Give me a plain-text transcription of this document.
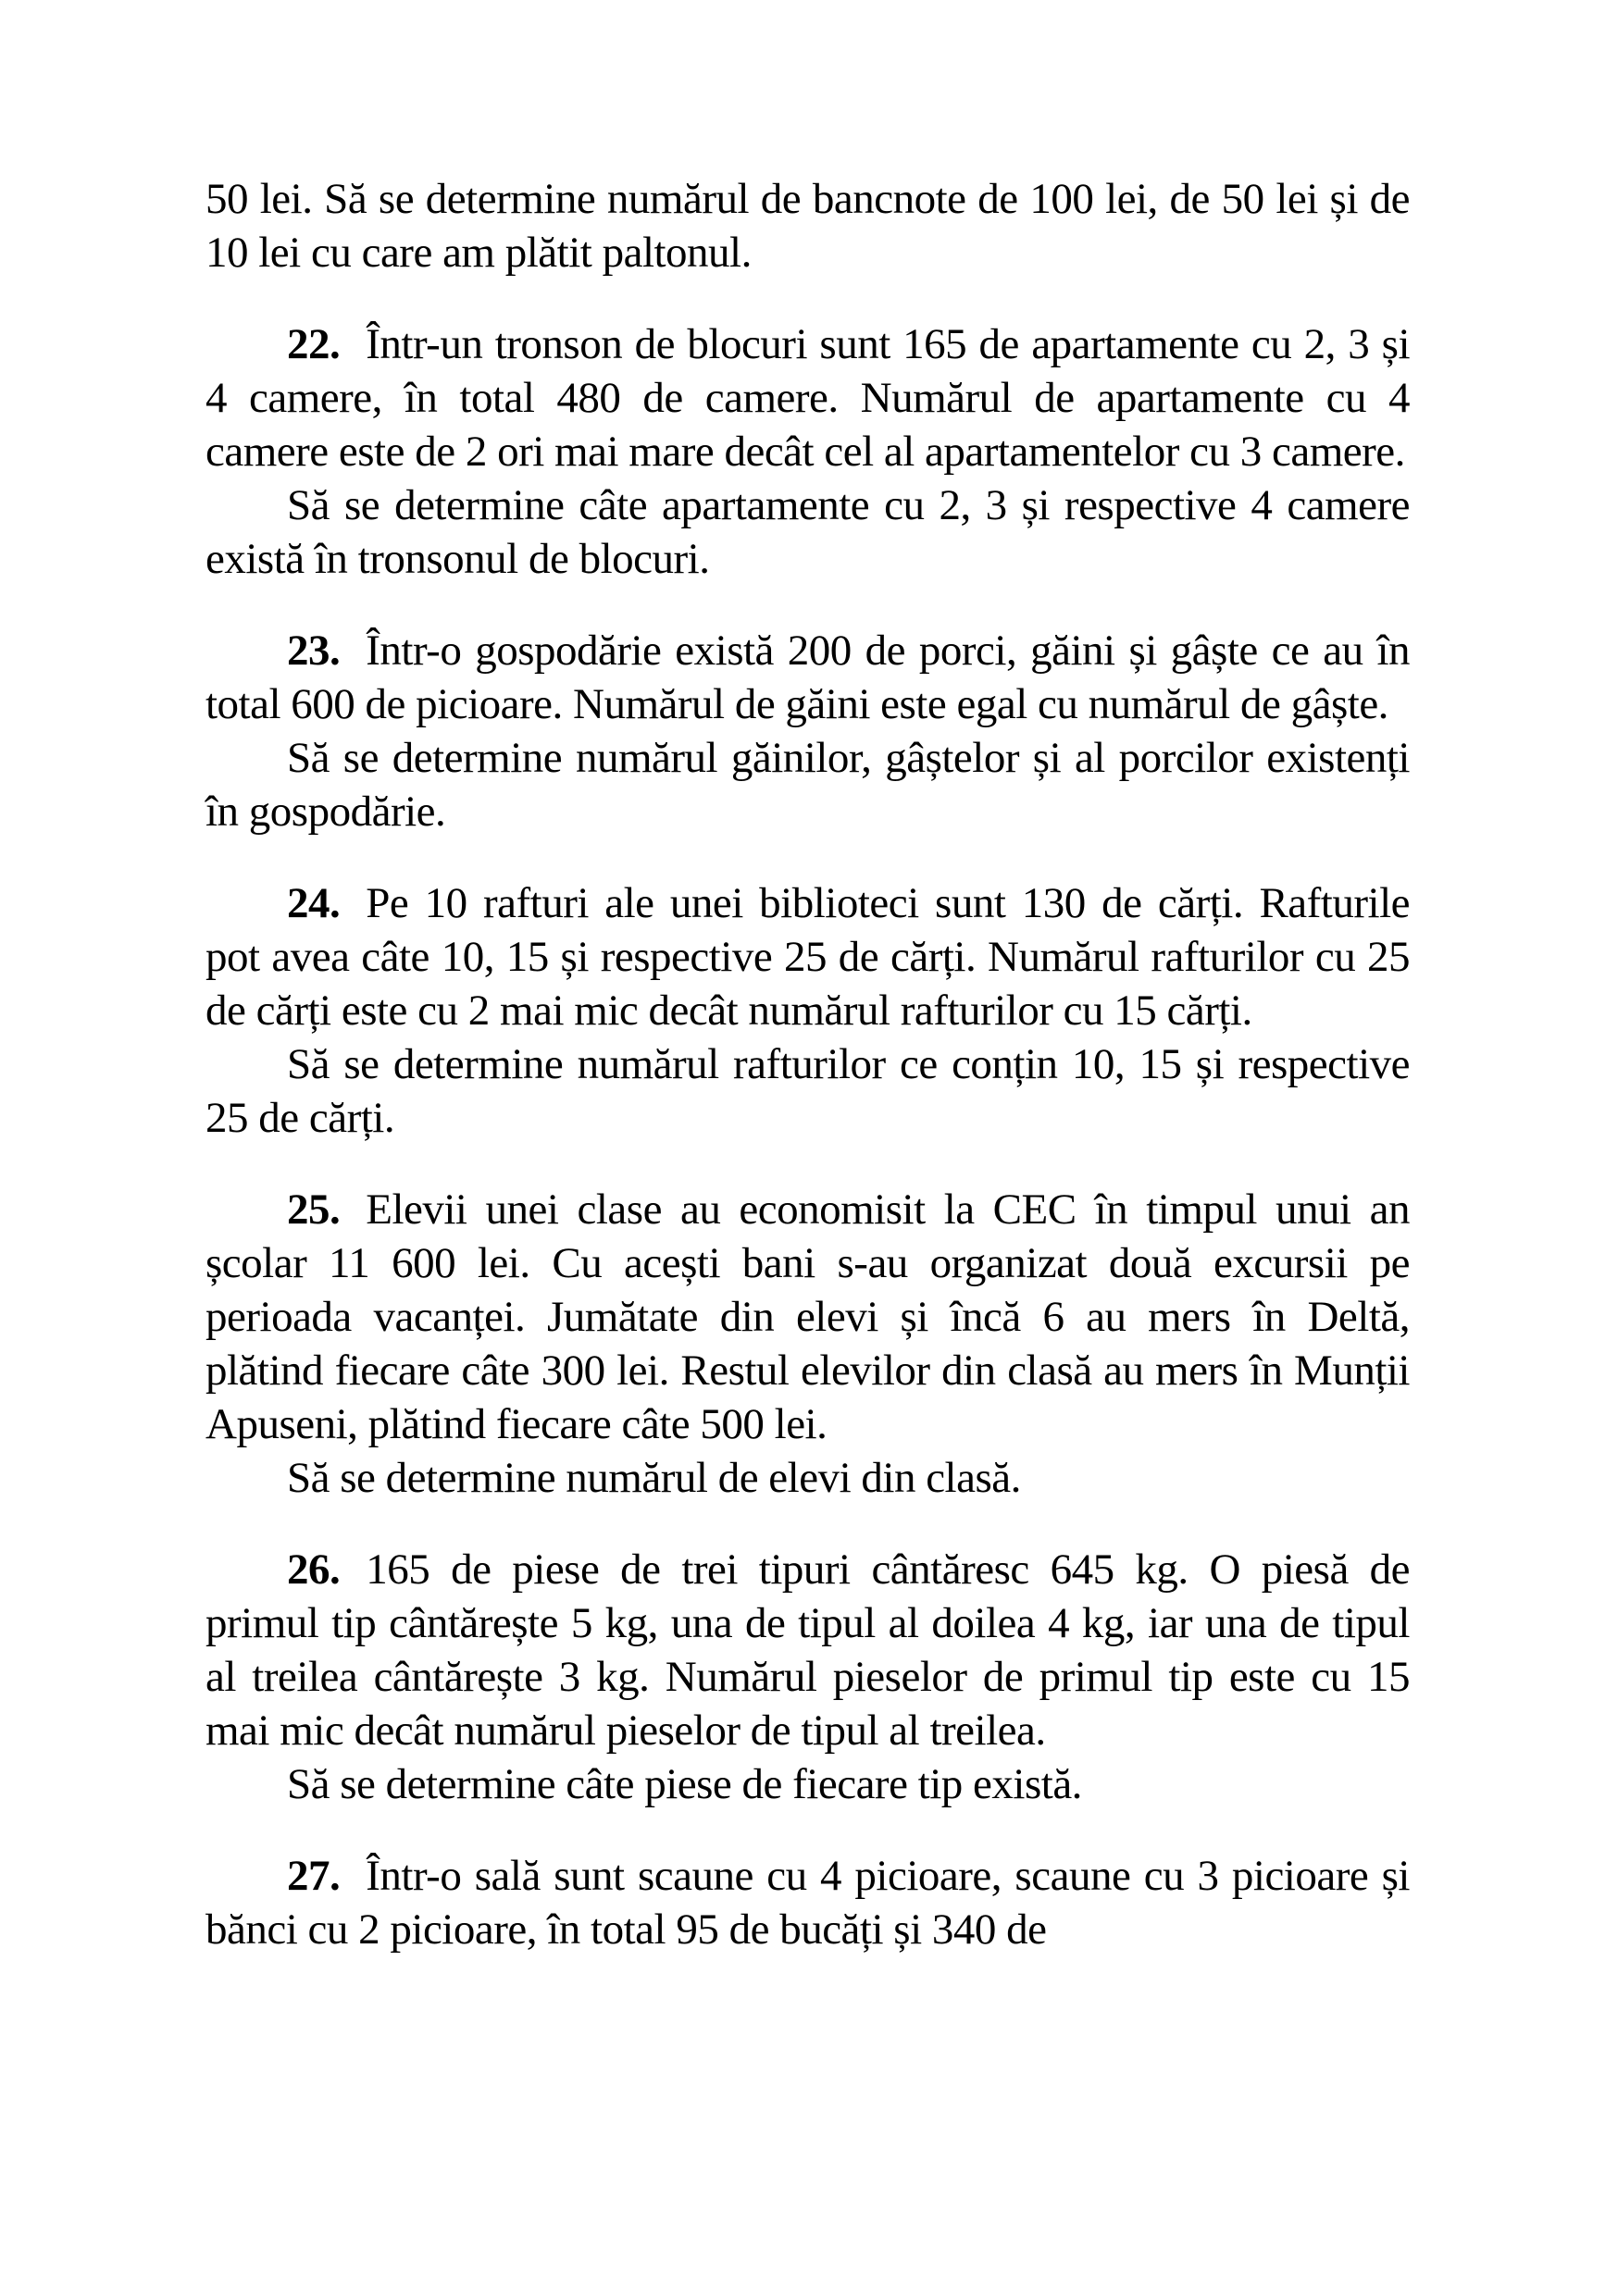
50 lei. Să se determine numărul de bancnote de 100 lei, de 50 lei și de 10 lei cu care am plătit paltonul.

22. Într-un tronson de blocuri sunt 165 de apartamente cu 2, 3 și 4 camere, în total 480 de camere. Numărul de apartamente cu 4 camere este de 2 ori mai mare decât cel al apartamentelor cu 3 camere.

Să se determine câte apartamente cu 2, 3 și respective 4 camere există în tronsonul de blocuri.

23. Într-o gospodărie există 200 de porci, găini și gâște ce au în total 600 de picioare. Numărul de găini este egal cu numărul de gâște.

Să se determine numărul găinilor, gâștelor și al porcilor existenți în gospodărie.

24. Pe 10 rafturi ale unei biblioteci sunt 130 de cărți. Rafturile pot avea câte 10, 15 și respective 25 de cărți. Numărul rafturilor cu 25 de cărți este cu 2 mai mic decât numărul rafturilor cu 15 cărți.

Să se determine numărul rafturilor ce conțin 10, 15 și respective 25 de cărți.

25. Elevii unei clase au economisit la CEC în timpul unui an școlar 11 600 lei. Cu acești bani s-au organizat două excursii pe perioada vacanței. Jumătate din elevi și încă 6 au mers în Deltă, plătind fiecare câte 300 lei. Restul elevilor din clasă au mers în Munții Apuseni, plătind fiecare câte 500 lei.

Să se determine numărul de elevi din clasă.

26. 165 de piese de trei tipuri cântăresc 645 kg. O piesă de primul tip cântărește 5 kg, una de tipul al doilea 4 kg, iar una de tipul al treilea cântărește 3 kg. Numărul pieselor de primul tip este cu 15 mai mic decât numărul pieselor de tipul al treilea.

Să se determine câte piese de fiecare tip există.

27. Într-o sală sunt scaune cu 4 picioare, scaune cu 3 picioare și bănci cu 2 picioare, în total 95 de bucăți și 340 de
